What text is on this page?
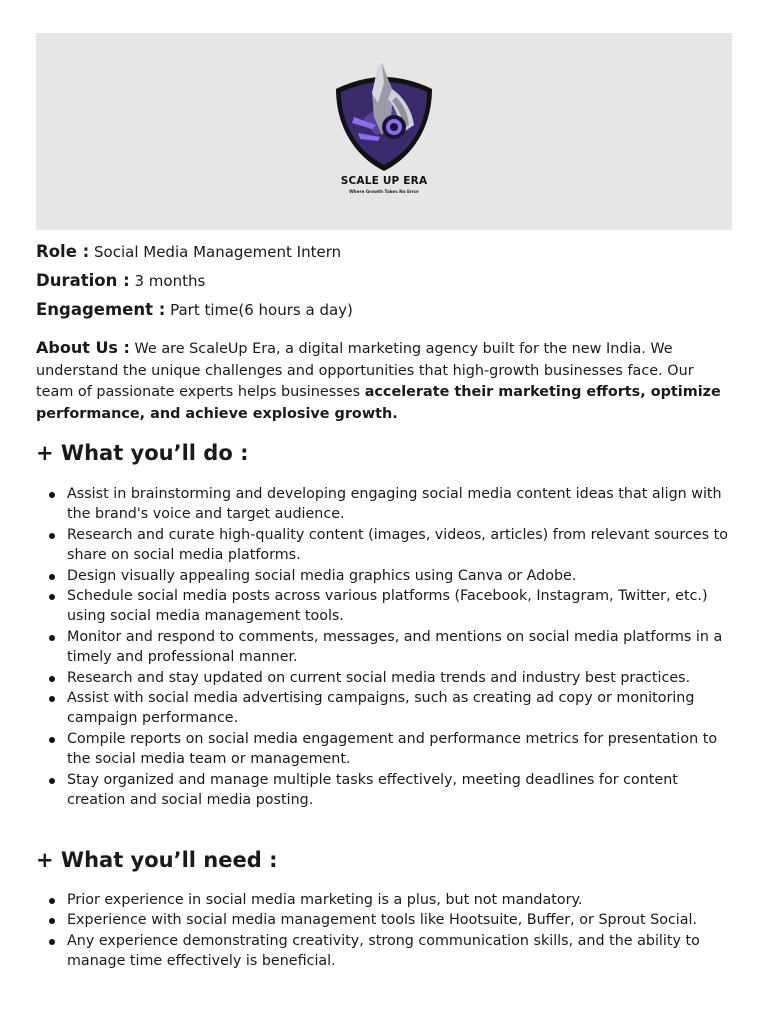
SCALE UP ERA
Where Growth Takes No Error
Role : Social Media Management Intern
Duration : 3 months
Engagement : Part time(6 hours a day)
About Us : We are ScaleUp Era, a digital marketing agency built for the new India. We understand the unique challenges and opportunities that high-growth businesses face. Our team of passionate experts helps businesses accelerate their marketing efforts, optimize performance, and achieve explosive growth.
+ What you’ll do :
Assist in brainstorming and developing engaging social media content ideas that align with the brand's voice and target audience.
Research and curate high-quality content (images, videos, articles) from relevant sources to share on social media platforms.
Design visually appealing social media graphics using Canva or Adobe.
Schedule social media posts across various platforms (Facebook, Instagram, Twitter, etc.) using social media management tools.
Monitor and respond to comments, messages, and mentions on social media platforms in a timely and professional manner.
Research and stay updated on current social media trends and industry best practices.
Assist with social media advertising campaigns, such as creating ad copy or monitoring campaign performance.
Compile reports on social media engagement and performance metrics for presentation to the social media team or management.
Stay organized and manage multiple tasks effectively, meeting deadlines for content creation and social media posting.
+ What you’ll need :
Prior experience in social media marketing is a plus, but not mandatory.
Experience with social media management tools like Hootsuite, Buffer, or Sprout Social.
Any experience demonstrating creativity, strong communication skills, and the ability to manage time effectively is beneficial.
